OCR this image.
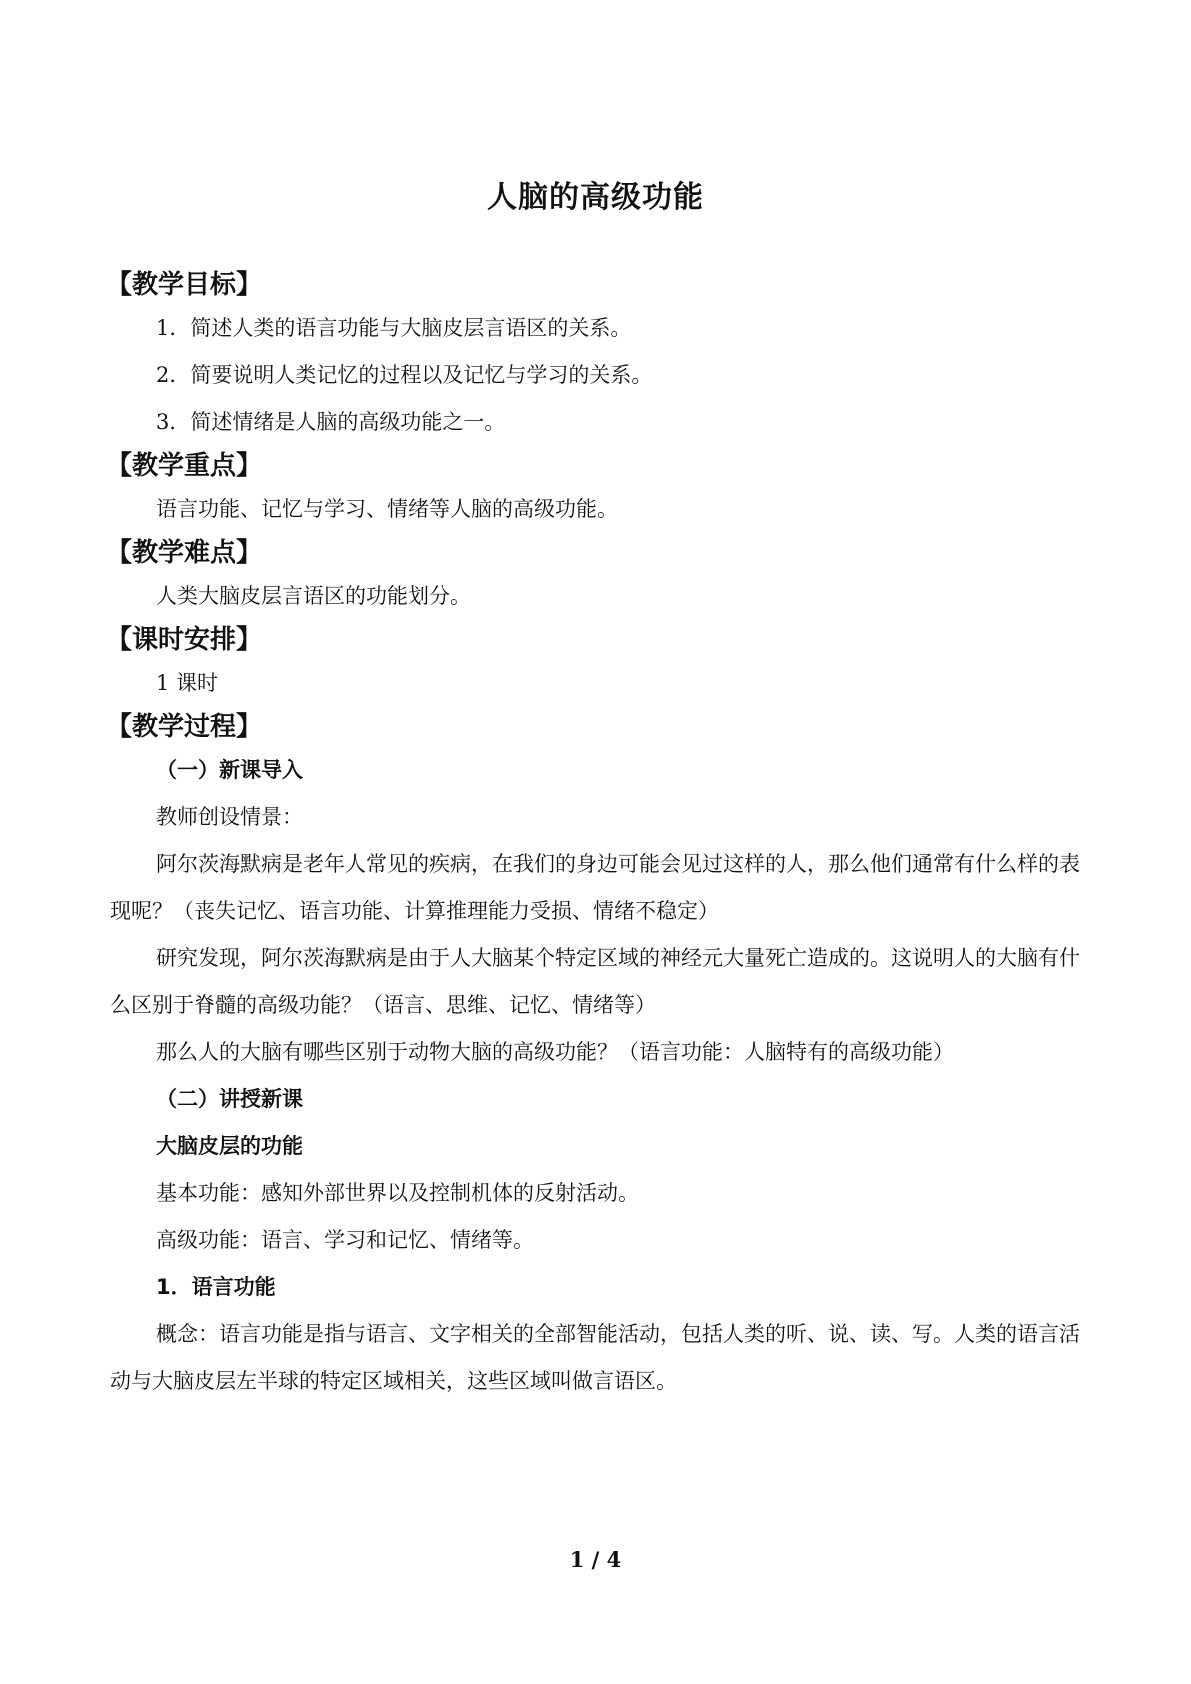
人脑的高级功能
【教学目标】
1．简述人类的语言功能与大脑皮层言语区的关系。
2．简要说明人类记忆的过程以及记忆与学习的关系。
3．简述情绪是人脑的高级功能之一。
【教学重点】
语言功能、记忆与学习、情绪等人脑的高级功能。
【教学难点】
人类大脑皮层言语区的功能划分。
【课时安排】
1 课时
【教学过程】
（一）新课导入
教师创设情景：
阿尔茨海默病是老年人常见的疾病，在我们的身边可能会见过这样的人，那么他们通常有什么样的表现呢？（丧失记忆、语言功能、计算推理能力受损、情绪不稳定）
研究发现，阿尔茨海默病是由于人大脑某个特定区域的神经元大量死亡造成的。这说明人的大脑有什么区别于脊髓的高级功能？（语言、思维、记忆、情绪等）
那么人的大脑有哪些区别于动物大脑的高级功能？（语言功能：人脑特有的高级功能）
（二）讲授新课
大脑皮层的功能
基本功能：感知外部世界以及控制机体的反射活动。
高级功能：语言、学习和记忆、情绪等。
1．语言功能
概念：语言功能是指与语言、文字相关的全部智能活动，包括人类的听、说、读、写。人类的语言活动与大脑皮层左半球的特定区域相关，这些区域叫做言语区。
1 / 4
